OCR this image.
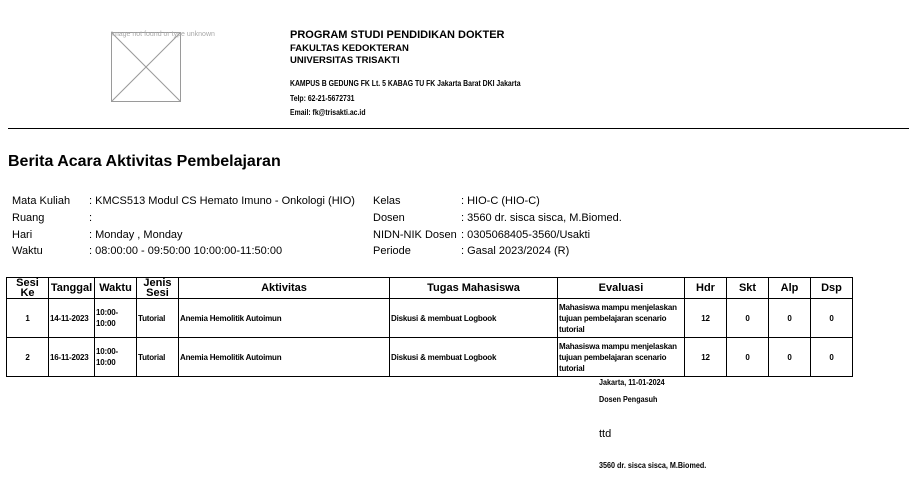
Image not found or type unknown	PROGRAM STUDI PENDIDIKAN DOKTER
FAKULTAS KEDOKTERAN
UNIVERSITAS TRISAKTI
KAMPUS B GEDUNG FK Lt. 5 KABAG TU FK Jakarta Barat DKI Jakarta
Telp: 62-21-5672731
Email: fk@trisakti.ac.id
Berita Acara Aktivitas Pembelajaran
Mata Kuliah : KMCS513 Modul CS Hemato Imuno - Onkologi (HIO)
Ruang	:
Hari	: Monday , Monday
Waktu	: 08:00:00 - 09:50:00 10:00:00-11:50:00
Kelas	: HIO-C (HIO-C)
Dosen	: 3560 dr. sisca sisca, M.Biomed.
NIDN-NIK Dosen : 0305068405-3560/Usakti
Periode	: Gasal 2023/2024 (R)
Sesi Ke	Tanggal	Waktu	Jenis Sesi	Aktivitas	Tugas Mahasiswa	Evaluasi	Hdr	Skt	Alp	Dsp
1	14-11-2023	10:00-10:00	Tutorial	Anemia Hemolitik Autoimun	Diskusi & membuat Logbook	Mahasiswa mampu menjelaskan tujuan pembelajaran scenario tutorial	12	0	0	0
2	16-11-2023	10:00-10:00	Tutorial	Anemia Hemolitik Autoimun	Diskusi & membuat Logbook	Mahasiswa mampu menjelaskan tujuan pembelajaran scenario tutorial	12	0	0	0
Jakarta, 11-01-2024
Dosen Pengasuh
ttd
3560 dr. sisca sisca, M.Biomed.
